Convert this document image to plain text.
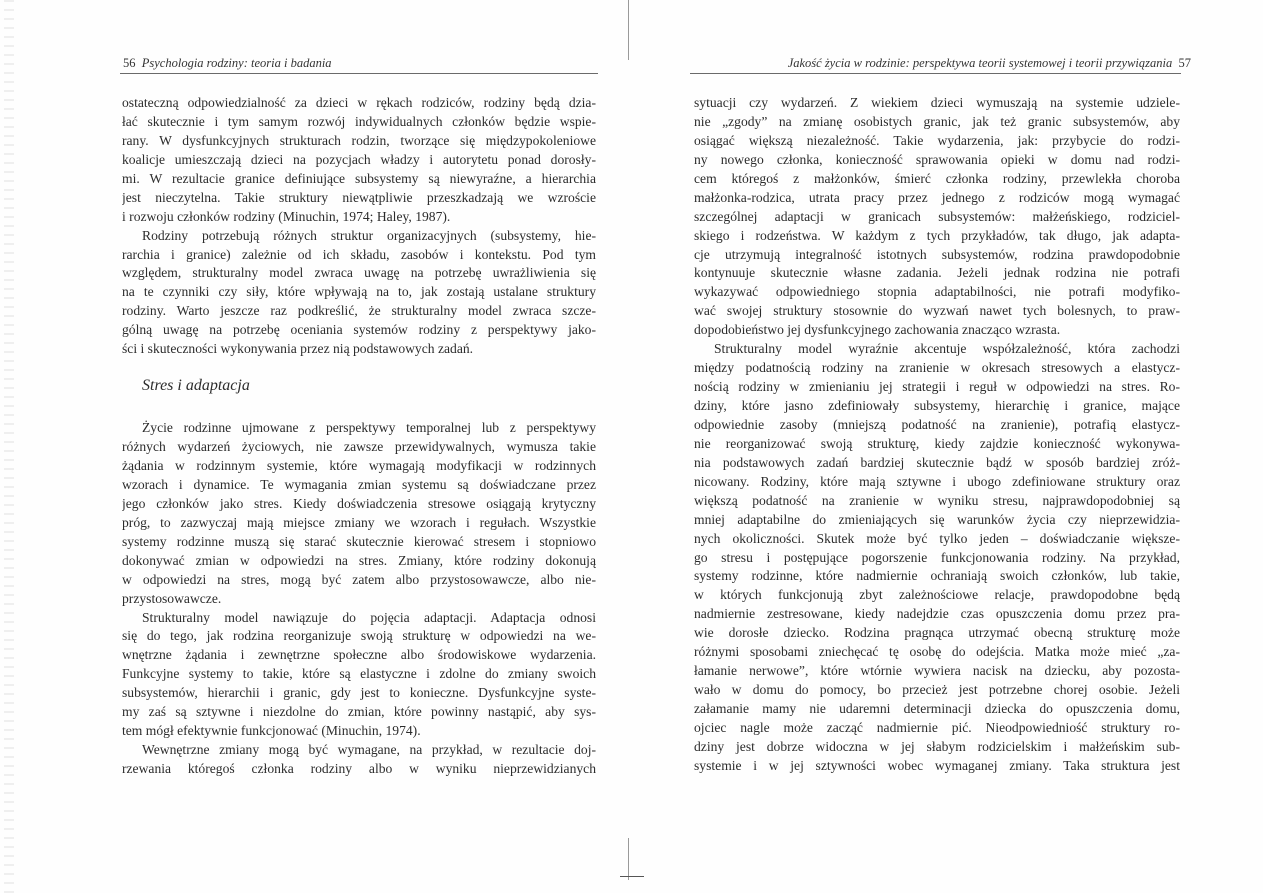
56 Psychologia rodziny: teoria i badania
ostateczną odpowiedzialność za dzieci w rękach rodziców, rodziny będą dzia-
łać skutecznie i tym samym rozwój indywidualnych członków będzie wspie-
rany. W dysfunkcyjnych strukturach rodzin, tworzące się międzypokoleniowe
koalicje umieszczają dzieci na pozycjach władzy i autorytetu ponad dorosły-
mi. W rezultacie granice definiujące subsystemy są niewyraźne, a hierarchia
jest nieczytelna. Takie struktury niewątpliwie przeszkadzają we wzroście
i rozwoju członków rodziny (Minuchin, 1974; Haley, 1987).
Rodziny potrzebują różnych struktur organizacyjnych (subsystemy, hie-
rarchia i granice) zależnie od ich składu, zasobów i kontekstu. Pod tym
względem, strukturalny model zwraca uwagę na potrzebę uwrażliwienia się
na te czynniki czy siły, które wpływają na to, jak zostają ustalane struktury
rodziny. Warto jeszcze raz podkreślić, że strukturalny model zwraca szcze-
gólną uwagę na potrzebę oceniania systemów rodziny z perspektywy jako-
ści i skuteczności wykonywania przez nią podstawowych zadań.
Stres i adaptacja
Życie rodzinne ujmowane z perspektywy temporalnej lub z perspektywy
różnych wydarzeń życiowych, nie zawsze przewidywalnych, wymusza takie
żądania w rodzinnym systemie, które wymagają modyfikacji w rodzinnych
wzorach i dynamice. Te wymagania zmian systemu są doświadczane przez
jego członków jako stres. Kiedy doświadczenia stresowe osiągają krytyczny
próg, to zazwyczaj mają miejsce zmiany we wzorach i regułach. Wszystkie
systemy rodzinne muszą się starać skutecznie kierować stresem i stopniowo
dokonywać zmian w odpowiedzi na stres. Zmiany, które rodziny dokonują
w odpowiedzi na stres, mogą być zatem albo przystosowawcze, albo nie-
przystosowawcze.
Strukturalny model nawiązuje do pojęcia adaptacji. Adaptacja odnosi
się do tego, jak rodzina reorganizuje swoją strukturę w odpowiedzi na we-
wnętrzne żądania i zewnętrzne społeczne albo środowiskowe wydarzenia.
Funkcyjne systemy to takie, które są elastyczne i zdolne do zmiany swoich
subsystemów, hierarchii i granic, gdy jest to konieczne. Dysfunkcyjne syste-
my zaś są sztywne i niezdolne do zmian, które powinny nastąpić, aby sys-
tem mógł efektywnie funkcjonować (Minuchin, 1974).
Wewnętrzne zmiany mogą być wymagane, na przykład, w rezultacie doj-
rzewania któregoś członka rodziny albo w wyniku nieprzewidzianych
Jakość życia w rodzinie: perspektywa teorii systemowej i teorii przywiązania 57
sytuacji czy wydarzeń. Z wiekiem dzieci wymuszają na systemie udziele-
nie „zgody” na zmianę osobistych granic, jak też granic subsystemów, aby
osiągać większą niezależność. Takie wydarzenia, jak: przybycie do rodzi-
ny nowego członka, konieczność sprawowania opieki w domu nad rodzi-
cem któregoś z małżonków, śmierć członka rodziny, przewlekła choroba
małżonka-rodzica, utrata pracy przez jednego z rodziców mogą wymagać
szczególnej adaptacji w granicach subsystemów: małżeńskiego, rodziciel-
skiego i rodzeństwa. W każdym z tych przykładów, tak długo, jak adapta-
cje utrzymują integralność istotnych subsystemów, rodzina prawdopodobnie
kontynuuje skutecznie własne zadania. Jeżeli jednak rodzina nie potrafi
wykazywać odpowiedniego stopnia adaptabilności, nie potrafi modyfiko-
wać swojej struktury stosownie do wyzwań nawet tych bolesnych, to praw-
dopodobieństwo jej dysfunkcyjnego zachowania znacząco wzrasta.
Strukturalny model wyraźnie akcentuje współzależność, która zachodzi
między podatnością rodziny na zranienie w okresach stresowych a elastycz-
nością rodziny w zmienianiu jej strategii i reguł w odpowiedzi na stres. Ro-
dziny, które jasno zdefiniowały subsystemy, hierarchię i granice, mające
odpowiednie zasoby (mniejszą podatność na zranienie), potrafią elastycz-
nie reorganizować swoją strukturę, kiedy zajdzie konieczność wykonywa-
nia podstawowych zadań bardziej skutecznie bądź w sposób bardziej zróż-
nicowany. Rodziny, które mają sztywne i ubogo zdefiniowane struktury oraz
większą podatność na zranienie w wyniku stresu, najprawdopodobniej są
mniej adaptabilne do zmieniających się warunków życia czy nieprzewidzia-
nych okoliczności. Skutek może być tylko jeden – doświadczanie większe-
go stresu i postępujące pogorszenie funkcjonowania rodziny. Na przykład,
systemy rodzinne, które nadmiernie ochraniają swoich członków, lub takie,
w których funkcjonują zbyt zależnościowe relacje, prawdopodobne będą
nadmiernie zestresowane, kiedy nadejdzie czas opuszczenia domu przez pra-
wie dorosłe dziecko. Rodzina pragnąca utrzymać obecną strukturę może
różnymi sposobami zniechęcać tę osobę do odejścia. Matka może mieć „za-
łamanie nerwowe”, które wtórnie wywiera nacisk na dziecku, aby pozosta-
wało w domu do pomocy, bo przecież jest potrzebne chorej osobie. Jeżeli
załamanie mamy nie udaremni determinacji dziecka do opuszczenia domu,
ojciec nagle może zacząć nadmiernie pić. Nieodpowiedniość struktury ro-
dziny jest dobrze widoczna w jej słabym rodzicielskim i małżeńskim sub-
systemie i w jej sztywności wobec wymaganej zmiany. Taka struktura jest
